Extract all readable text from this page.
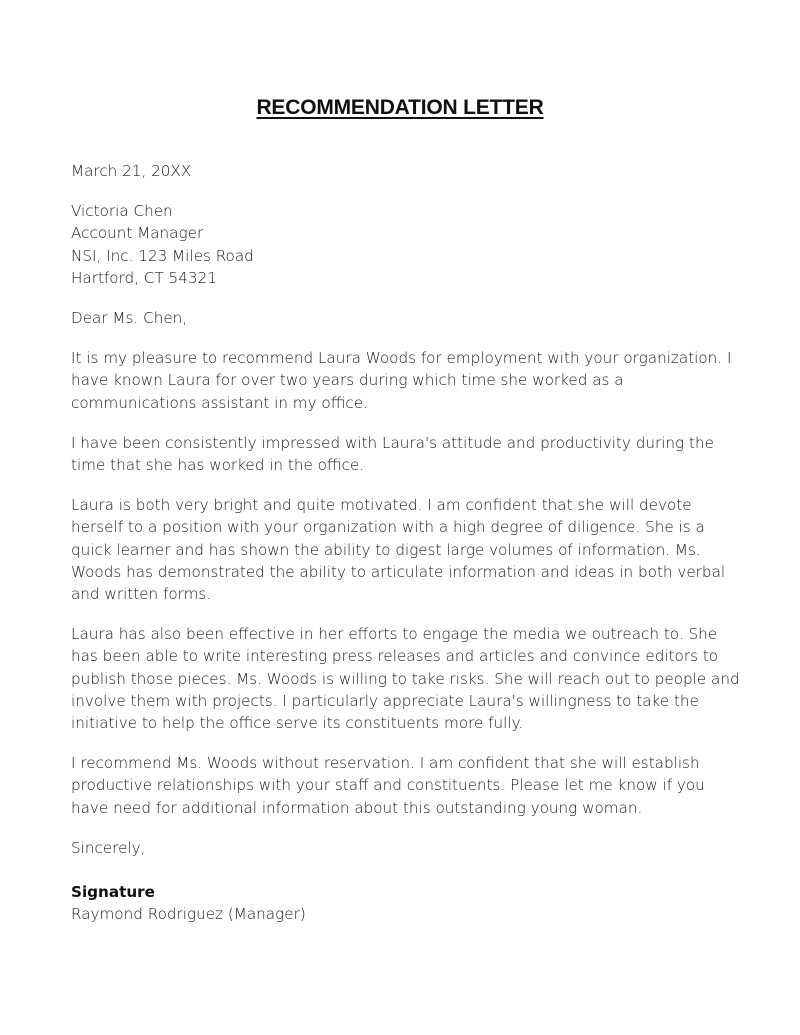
RECOMMENDATION LETTER

March 21, 20XX

Victoria Chen

Account Manager

NSI, Inc. 123 Miles Road

Hartford, CT 54321

Dear Ms. Chen,

It is my pleasure to recommend Laura Woods for employment with your organization. I

have known Laura for over two years during which time she worked as a

communications assistant in my office.

I have been consistently impressed with Laura's attitude and productivity during the

time that she has worked in the office.

Laura is both very bright and quite motivated. I am confident that she will devote

herself to a position with your organization with a high degree of diligence. She is a

quick learner and has shown the ability to digest large volumes of information. Ms.

Woods has demonstrated the ability to articulate information and ideas in both verbal

and written forms.

Laura has also been effective in her efforts to engage the media we outreach to. She

has been able to write interesting press releases and articles and convince editors to

publish those pieces. Ms. Woods is willing to take risks. She will reach out to people and

involve them with projects. I particularly appreciate Laura's willingness to take the

initiative to help the office serve its constituents more fully.

I recommend Ms. Woods without reservation. I am confident that she will establish

productive relationships with your staff and constituents. Please let me know if you

have need for additional information about this outstanding young woman.

Sincerely,

Signature

Raymond Rodriguez (Manager)
